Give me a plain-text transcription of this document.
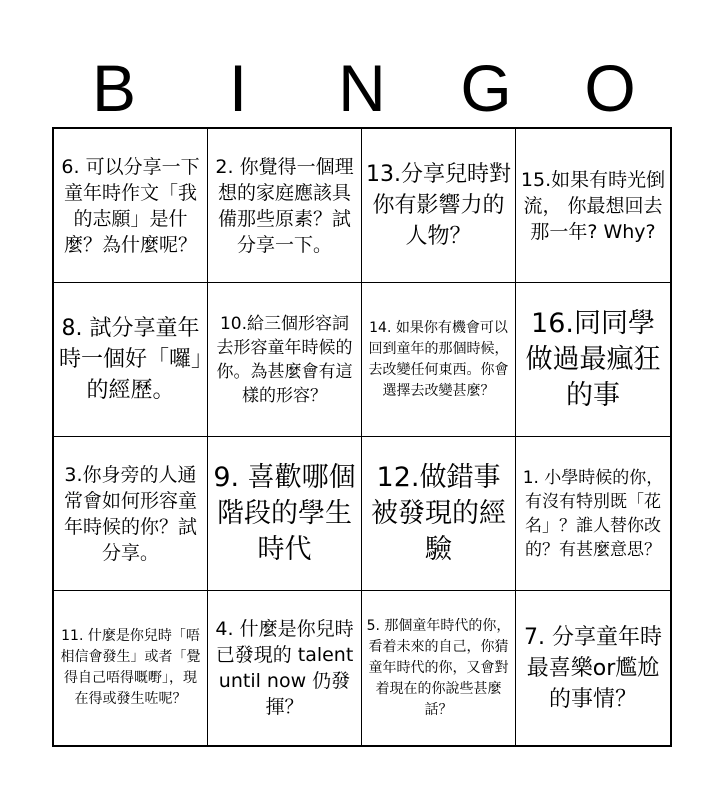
B	I	N	G	O
6. 可以分享一下童年時作文「我的志願」是什麼？為什麼呢？
2. 你覺得一個理想的家庭應該具備那些原素？試分享一下。
13.分享兒時對你有影響力的人物？
15.如果有時光倒流， 你最想回去那一年? Why?
8. 試分享童年時一個好「囉」的經歷。
10.給三個形容詞去形容童年時候的你。為甚麼會有這樣的形容？
14. 如果你有機會可以回到童年的那個時候，去改變任何東西。你會選擇去改變甚麼？
16.同同學做過最瘋狂的事
3.你身旁的人通常會如何形容童年時候的你？試分享。
9. 喜歡哪個階段的學生時代
12.做錯事被發現的經驗
1. 小學時候的你，有沒有特別既「花名」？誰人替你改的？有甚麼意思？
11. 什麼是你兒時「唔相信會發生」或者「覺得自己唔得嘅嘢」，現在得或發生咗呢？
4. 什麼是你兒時已發現的 talent until now 仍發揮？
5. 那個童年時代的你，看着未來的自己，你猜童年時代的你，又會對着現在的你說些甚麼話？
7. 分享童年時最喜樂or尷尬的事情？
